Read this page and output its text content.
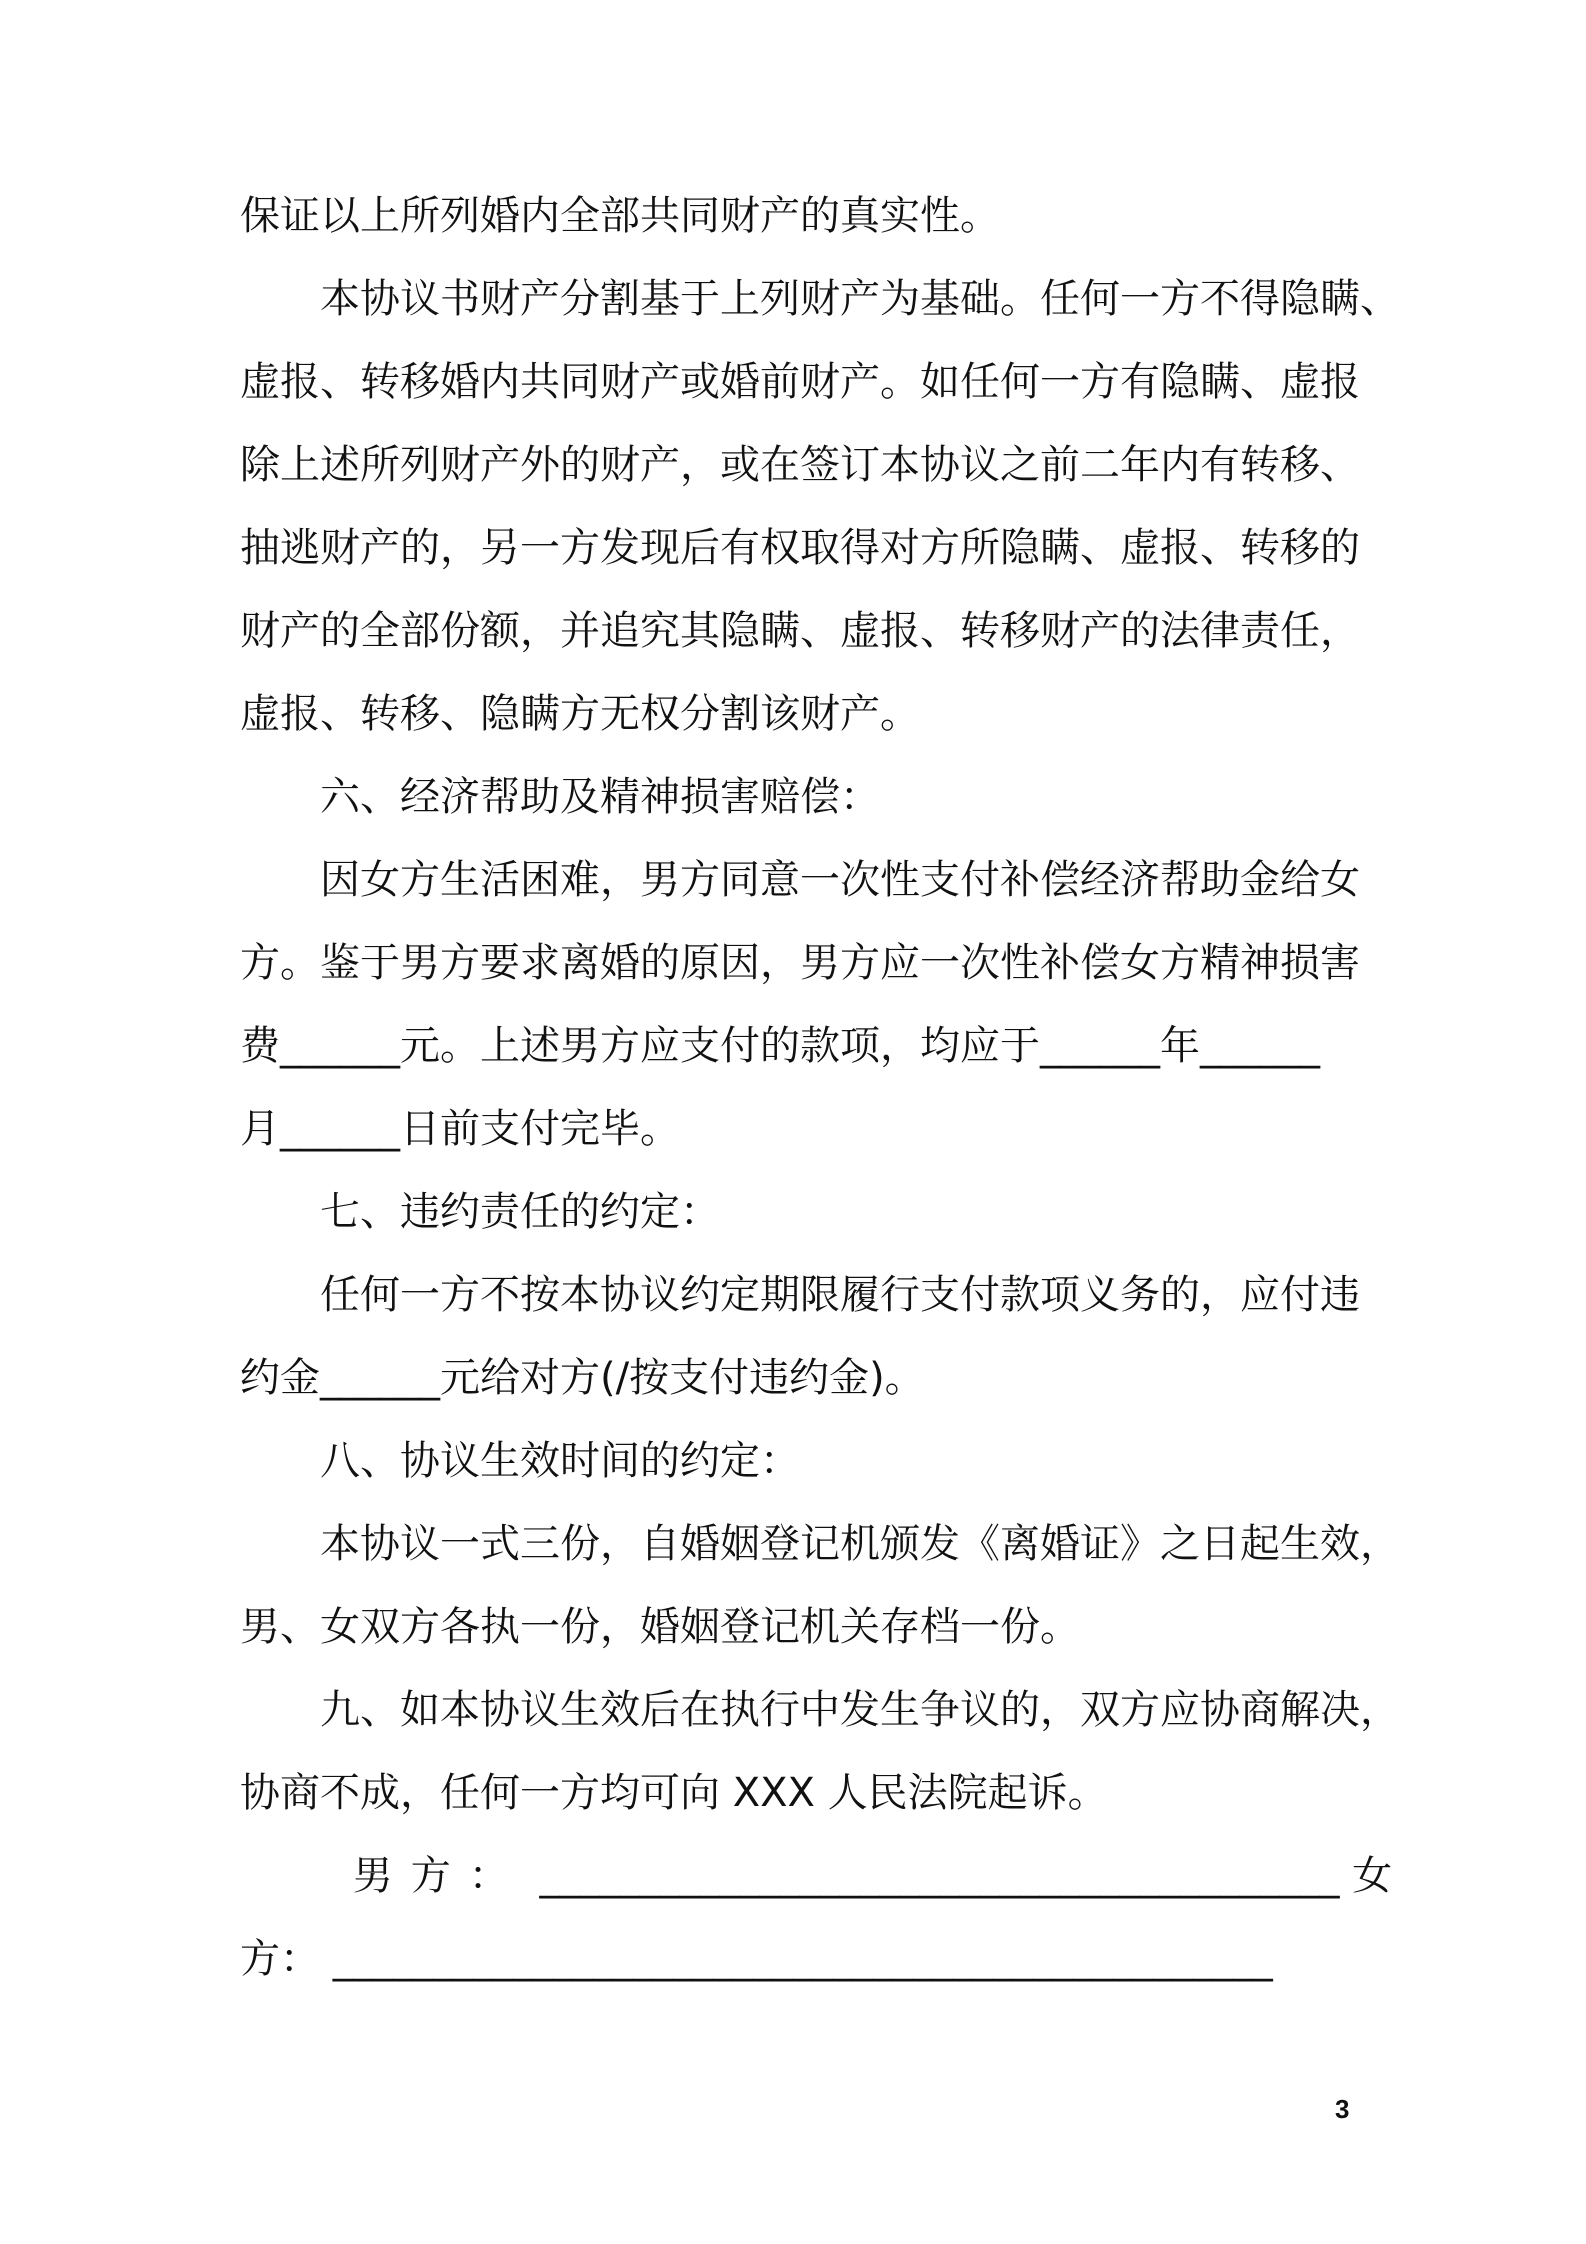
保证以上所列婚内全部共同财产的真实性。
本协议书财产分割基于上列财产为基础。任何一方不得隐瞒、
虚报、转移婚内共同财产或婚前财产。如任何一方有隐瞒、虚报
除上述所列财产外的财产，或在签订本协议之前二年内有转移、
抽逃财产的，另一方发现后有权取得对方所隐瞒、虚报、转移的
财产的全部份额，并追究其隐瞒、虚报、转移财产的法律责任，
虚报、转移、隐瞒方无权分割该财产。
六、经济帮助及精神损害赔偿：
因女方生活困难，男方同意一次性支付补偿经济帮助金给女
方。鉴于男方要求离婚的原因，男方应一次性补偿女方精神损害
费______元。上述男方应支付的款项，均应于______年______
月______日前支付完毕。
七、违约责任的约定：
任何一方不按本协议约定期限履行支付款项义务的，应付违
约金______元给对方(/按支付违约金)。
八、协议生效时间的约定：
本协议一式三份，自婚姻登记机颁发《离婚证》之日起生效，
男、女双方各执一份，婚姻登记机关存档一份。
九、如本协议生效后在执行中发生争议的，双方应协商解决，
协商不成，任何一方均可向 XXX 人民法院起诉。
男方： ________________________________________ 女
方： _______________________________________________
3
